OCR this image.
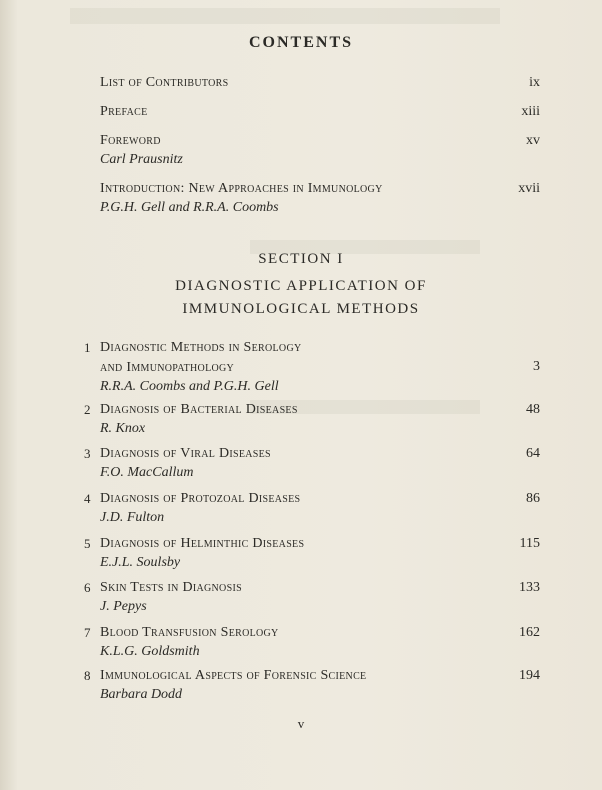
CONTENTS
List of Contributors	ix
Preface	xiii
Foreword
Carl Prausnitz
xv
Introduction: New Approaches in Immunology
P.G.H. Gell and R.R.A. Coombs
xvii
SECTION I
DIAGNOSTIC APPLICATION OF
IMMUNOLOGICAL METHODS
1 Diagnostic Methods in Serology
and Immunopathology
R.R.A. Coombs and P.G.H. Gell
3
2 Diagnosis of Bacterial Diseases
R. Knox
48
3 Diagnosis of Viral Diseases
F.O. MacCallum
64
4 Diagnosis of Protozoal Diseases
J.D. Fulton
86
5 Diagnosis of Helminthic Diseases
E.J.L. Soulsby
115
6 Skin Tests in Diagnosis
J. Pepys
133
7 Blood Transfusion Serology
K.L.G. Goldsmith
162
8 Immunological Aspects of Forensic Science
Barbara Dodd
194
v
